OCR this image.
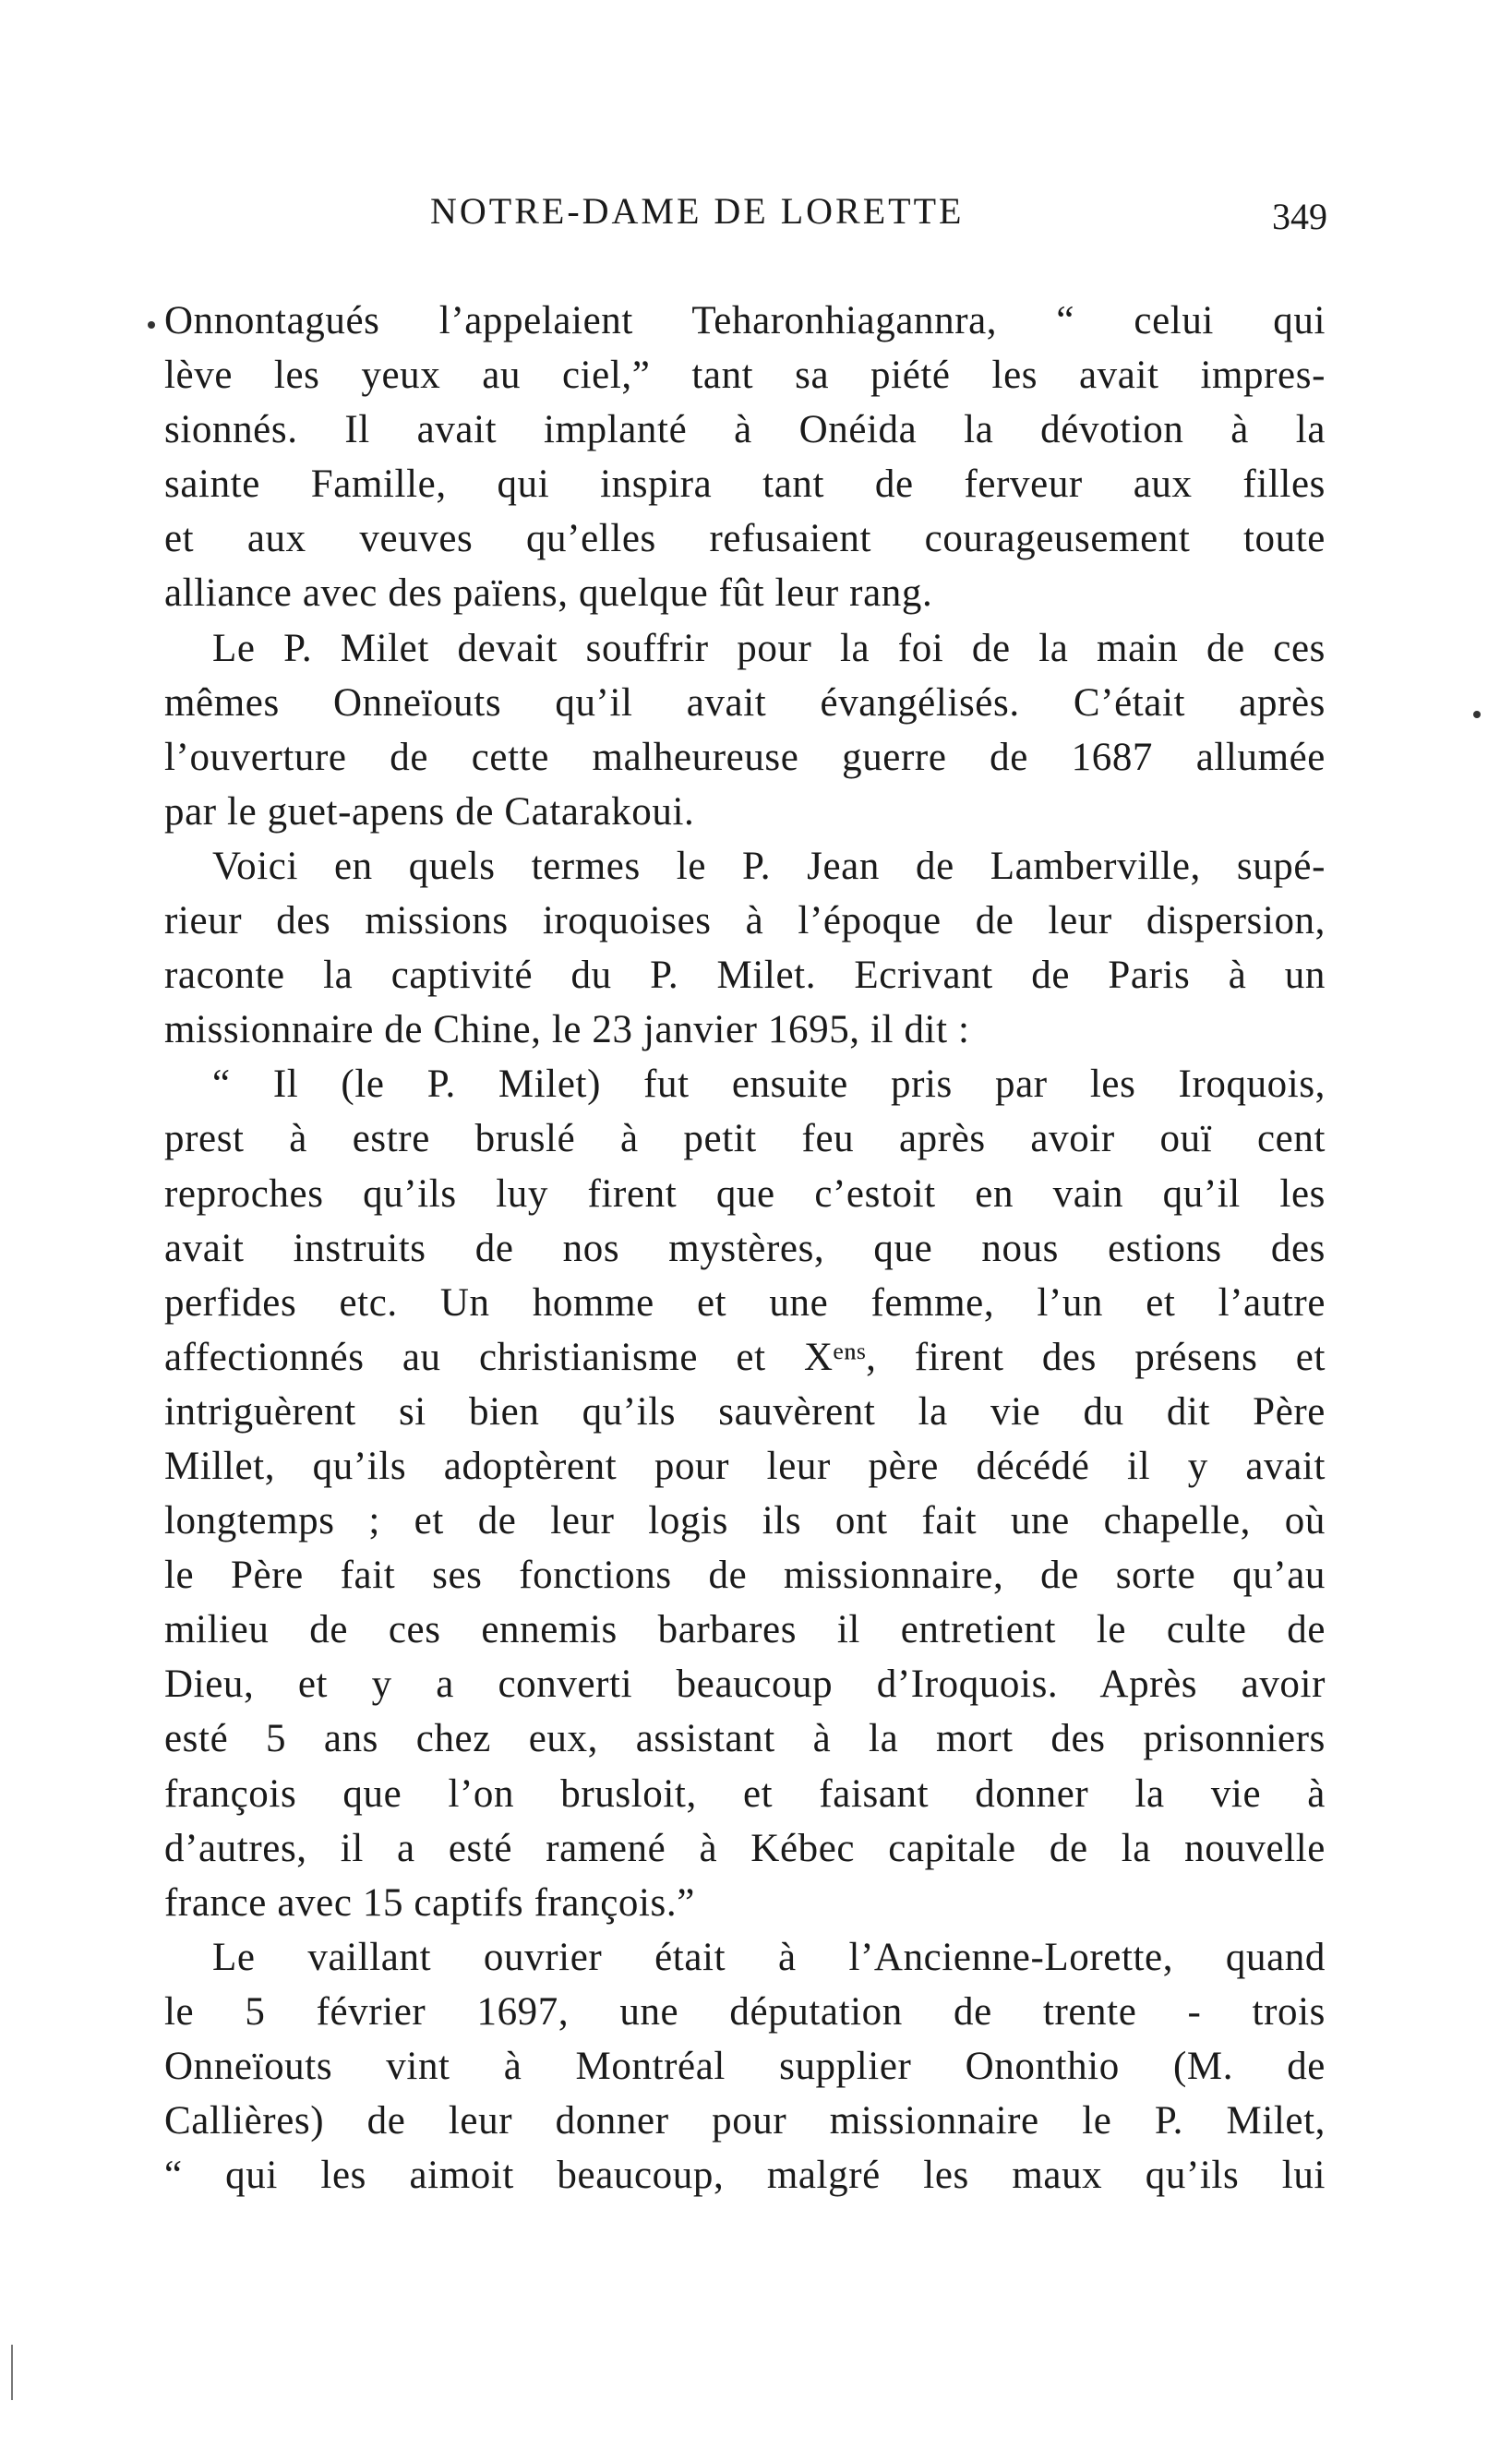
NOTRE-DAME DE LORETTE	349
Onnontagués l’appelaient Teharonhiagannra, “ celui qui
lève les yeux au ciel,” tant sa piété les avait impres-
sionnés. Il avait implanté à Onéida la dévotion à la
sainte Famille, qui inspira tant de ferveur aux filles
et aux veuves qu’elles refusaient courageusement toute
alliance avec des païens, quelque fût leur rang.
Le P. Milet devait souffrir pour la foi de la main de ces
mêmes Onneïouts qu’il avait évangélisés. C’était après
l’ouverture de cette malheureuse guerre de 1687 allumée
par le guet-apens de Catarakoui.
Voici en quels termes le P. Jean de Lamberville, supé-
rieur des missions iroquoises à l’époque de leur dispersion,
raconte la captivité du P. Milet. Ecrivant de Paris à un
missionnaire de Chine, le 23 janvier 1695, il dit :
“ Il (le P. Milet) fut ensuite pris par les Iroquois,
prest à estre bruslé à petit feu après avoir ouï cent
reproches qu’ils luy firent que c’estoit en vain qu’il les
avait instruits de nos mystères, que nous estions des
perfides etc. Un homme et une femme, l’un et l’autre
affectionnés au christianisme et Xᵉⁿˢ, firent des présens et
intriguèrent si bien qu’ils sauvèrent la vie du dit Père
Millet, qu’ils adoptèrent pour leur père décédé il y avait
longtemps ; et de leur logis ils ont fait une chapelle, où
le Père fait ses fonctions de missionnaire, de sorte qu’au
milieu de ces ennemis barbares il entretient le culte de
Dieu, et y a converti beaucoup d’Iroquois. Après avoir
esté 5 ans chez eux, assistant à la mort des prisonniers
françois que l’on brusloit, et faisant donner la vie à
d’autres, il a esté ramené à Kébec capitale de la nouvelle
france avec 15 captifs françois.”
Le vaillant ouvrier était à l’Ancienne-Lorette, quand
le 5 février 1697, une députation de trente - trois
Onneïouts vint à Montréal supplier Ononthio (M. de
Callières) de leur donner pour missionnaire le P. Milet,
“ qui les aimoit beaucoup, malgré les maux qu’ils lui
